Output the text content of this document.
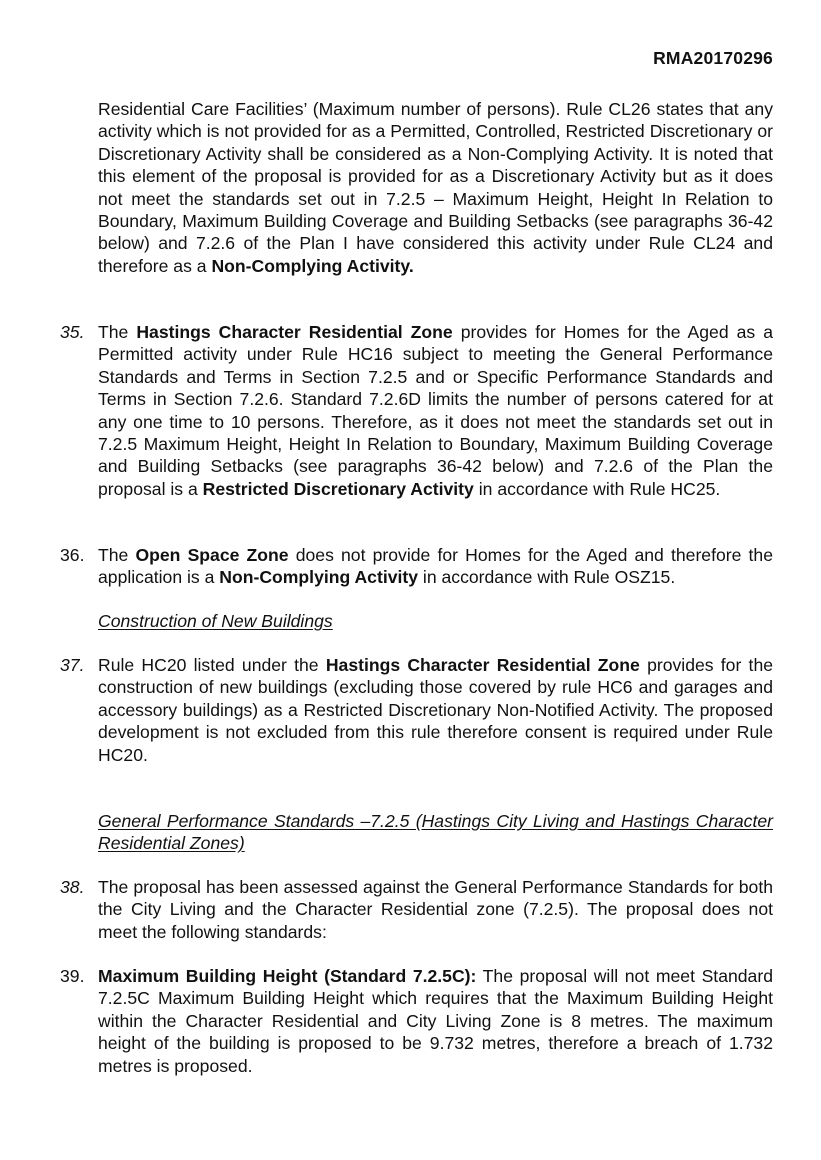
RMA20170296
Residential Care Facilities’ (Maximum number of persons). Rule CL26 states that any activity which is not provided for as a Permitted, Controlled, Restricted Discretionary or Discretionary Activity shall be considered as a Non-Complying Activity. It is noted that this element of the proposal is provided for as a Discretionary Activity but as it does not meet the standards set out in 7.2.5 – Maximum Height, Height In Relation to Boundary, Maximum Building Coverage and Building Setbacks (see paragraphs 36-42 below) and 7.2.6 of the Plan I have considered this activity under Rule CL24 and therefore as a Non-Complying Activity.
35. The Hastings Character Residential Zone provides for Homes for the Aged as a Permitted activity under Rule HC16 subject to meeting the General Performance Standards and Terms in Section 7.2.5 and or Specific Performance Standards and Terms in Section 7.2.6. Standard 7.2.6D limits the number of persons catered for at any one time to 10 persons. Therefore, as it does not meet the standards set out in 7.2.5 Maximum Height, Height In Relation to Boundary, Maximum Building Coverage and Building Setbacks (see paragraphs 36-42 below) and 7.2.6 of the Plan the proposal is a Restricted Discretionary Activity in accordance with Rule HC25.
36. The Open Space Zone does not provide for Homes for the Aged and therefore the application is a Non-Complying Activity in accordance with Rule OSZ15.
Construction of New Buildings
37. Rule HC20 listed under the Hastings Character Residential Zone provides for the construction of new buildings (excluding those covered by rule HC6 and garages and accessory buildings) as a Restricted Discretionary Non-Notified Activity. The proposed development is not excluded from this rule therefore consent is required under Rule HC20.
General Performance Standards –7.2.5 (Hastings City Living and Hastings Character Residential Zones)
38. The proposal has been assessed against the General Performance Standards for both the City Living and the Character Residential zone (7.2.5). The proposal does not meet the following standards:
39. Maximum Building Height (Standard 7.2.5C): The proposal will not meet Standard 7.2.5C Maximum Building Height which requires that the Maximum Building Height within the Character Residential and City Living Zone is 8 metres. The maximum height of the building is proposed to be 9.732 metres, therefore a breach of 1.732 metres is proposed.
